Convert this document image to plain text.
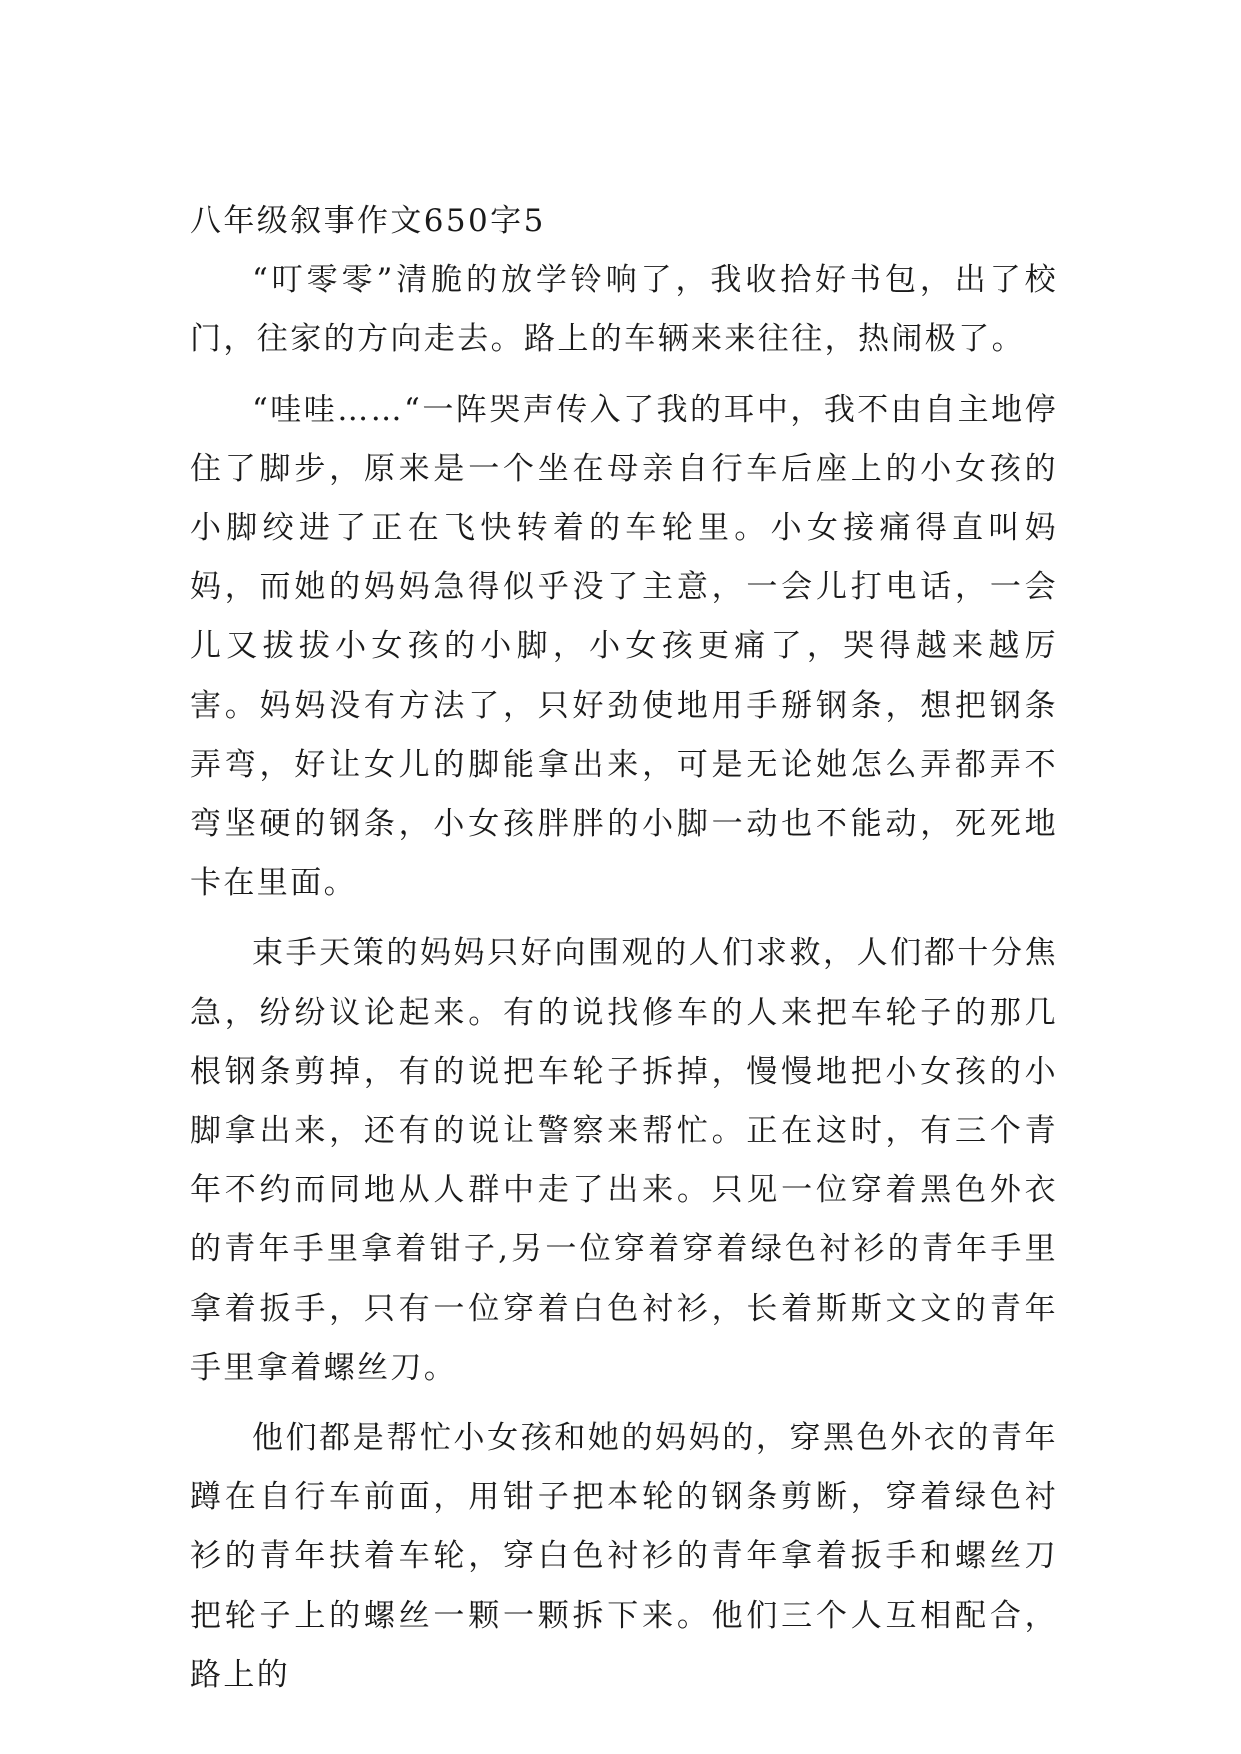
八年级叙事作文650字5

“叮零零”清脆的放学铃响了，我收拾好书包，出了校门，往家的方向走去。路上的车辆来来往往，热闹极了。

“哇哇……“一阵哭声传入了我的耳中，我不由自主地停住了脚步，原来是一个坐在母亲自行车后座上的小女孩的小脚绞进了正在飞快转着的车轮里。小女接痛得直叫妈妈，而她的妈妈急得似乎没了主意，一会儿打电话，一会儿又拔拔小女孩的小脚，小女孩更痛了，哭得越来越厉害。妈妈没有方法了，只好劲使地用手掰钢条，想把钢条弄弯，好让女儿的脚能拿出来，可是无论她怎么弄都弄不弯坚硬的钢条，小女孩胖胖的小脚一动也不能动，死死地卡在里面。

束手天策的妈妈只好向围观的人们求救，人们都十分焦急，纷纷议论起来。有的说找修车的人来把车轮子的那几根钢条剪掉，有的说把车轮子拆掉，慢慢地把小女孩的小脚拿出来，还有的说让警察来帮忙。正在这时，有三个青年不约而同地从人群中走了出来。只见一位穿着黑色外衣的青年手里拿着钳子,另一位穿着穿着绿色衬衫的青年手里拿着扳手，只有一位穿着白色衬衫，长着斯斯文文的青年手里拿着螺丝刀。

他们都是帮忙小女孩和她的妈妈的，穿黑色外衣的青年蹲在自行车前面，用钳子把本轮的钢条剪断，穿着绿色衬衫的青年扶着车轮，穿白色衬衫的青年拿着扳手和螺丝刀把轮子上的螺丝一颗一颗拆下来。他们三个人互相配合，路上的
